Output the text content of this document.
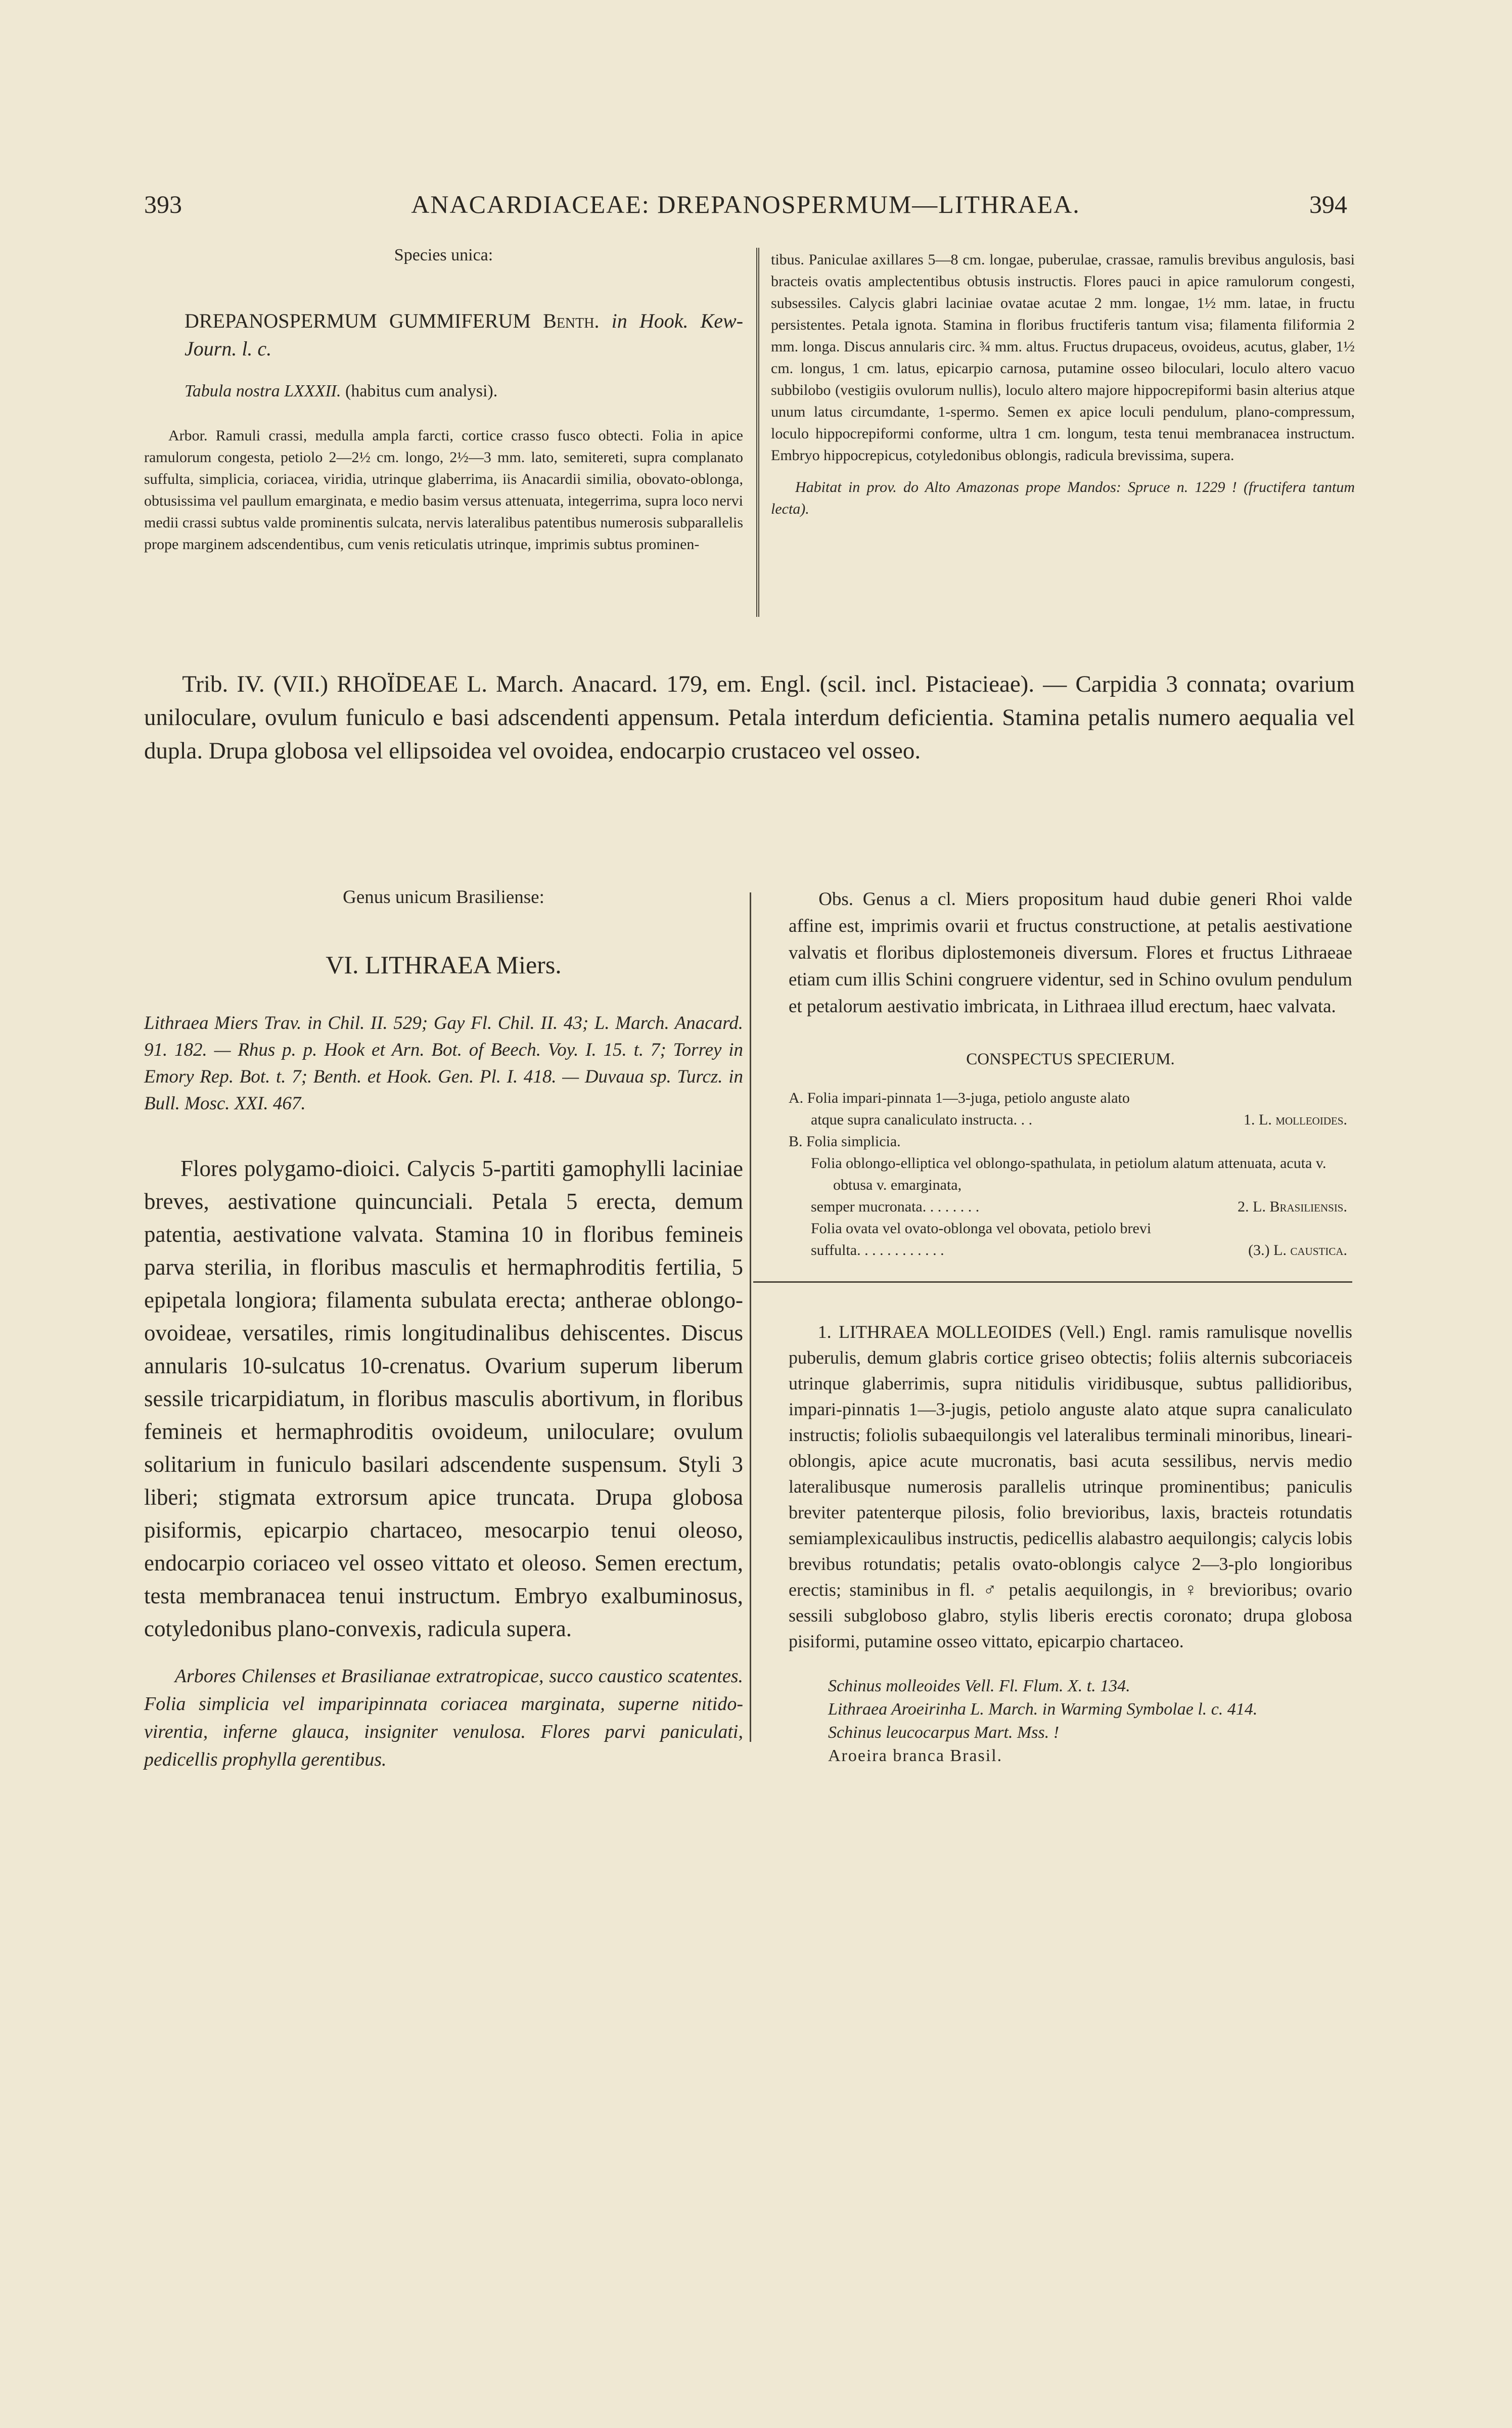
393	ANACARDIACEAE: DREPANOSPERMUM—LITHRAEA.	394
Species unica:

DREPANOSPERMUM GUMMIFERUM Benth. in Hook. Kew-Journ. l. c.

Tabula nostra LXXXII. (habitus cum analysi).

Arbor. Ramuli crassi, medulla ampla farcti, cortice crasso fusco obtecti. Folia in apice ramulorum congesta, petiolo 2—2½ cm. longo, 2½—3 mm. lato, semitereti, supra complanato suffulta, simplicia, coriacea, viridia, utrinque glaberrima, iis Anacardii similia, obovato-oblonga, obtusissima vel paullum emarginata, e medio basim versus attenuata, integerrima, supra loco nervi medii crassi subtus valde prominentis sulcata, nervis lateralibus patentibus numerosis subparallelis prope marginem adscendentibus, cum venis reticulatis utrinque, imprimis subtus prominen-

tibus. Paniculae axillares 5—8 cm. longae, puberulae, crassae, ramulis brevibus angulosis, basi bracteis ovatis amplectentibus obtusis instructis. Flores pauci in apice ramulorum congesti, subsessiles. Calycis glabri laciniae ovatae acutae 2 mm. longae, 1½ mm. latae, in fructu persistentes. Petala ignota. Stamina in floribus fructiferis tantum visa; filamenta filiformia 2 mm. longa. Discus annularis circ. ¾ mm. altus. Fructus drupaceus, ovoideus, acutus, glaber, 1½ cm. longus, 1 cm. latus, epicarpio carnosa, putamine osseo biloculari, loculo altero vacuo subbilobo (vestigiis ovulorum nullis), loculo altero majore hippocrepiformi basin alterius atque unum latus circumdante, 1-spermo. Semen ex apice loculi pendulum, plano-compressum, loculo hippocrepiformi conforme, ultra 1 cm. longum, testa tenui membranacea instructum. Embryo hippocrepicus, cotyledonibus oblongis, radicula brevissima, supera.

Habitat in prov. do Alto Amazonas prope Mandos: Spruce n. 1229 ! (fructifera tantum lecta).

Trib. IV. (VII.) RHOÏDEAE L. March. Anacard. 179, em. Engl. (scil. incl. Pistacieae). — Carpidia 3 connata; ovarium uniloculare, ovulum funiculo e basi adscendenti appensum. Petala interdum deficientia. Stamina petalis numero aequalia vel dupla. Drupa globosa vel ellipsoidea vel ovoidea, endocarpio crustaceo vel osseo.

Genus unicum Brasiliense:
VI. LITHRAEA Miers.

Lithraea Miers Trav. in Chil. II. 529; Gay Fl. Chil. II. 43; L. March. Anacard. 91. 182. — Rhus p. p. Hook et Arn. Bot. of Beech. Voy. I. 15. t. 7; Torrey in Emory Rep. Bot. t. 7; Benth. et Hook. Gen. Pl. I. 418. — Duvaua sp. Turcz. in Bull. Mosc. XXI. 467.

Flores polygamo-dioici. Calycis 5-partiti gamophylli laciniae breves, aestivatione quincunciali. Petala 5 erecta, demum patentia, aestivatione valvata. Stamina 10 in floribus femineis parva sterilia, in floribus masculis et hermaphroditis fertilia, 5 epipetala longiora; filamenta subulata erecta; antherae oblongo-ovoideae, versatiles, rimis longitudinalibus dehiscentes. Discus annularis 10-sulcatus 10-crenatus. Ovarium superum liberum sessile tricarpidiatum, in floribus masculis abortivum, in floribus femineis et hermaphroditis ovoideum, uniloculare; ovulum solitarium in funiculo basilari adscendente suspensum. Styli 3 liberi; stigmata extrorsum apice truncata. Drupa globosa pisiformis, epicarpio chartaceo, mesocarpio tenui oleoso, endocarpio coriaceo vel osseo vittato et oleoso. Semen erectum, testa membranacea tenui instructum. Embryo exalbuminosus, cotyledonibus plano-convexis, radicula supera.

Arbores Chilenses et Brasilianae extratropicae, succo caustico scatentes. Folia simplicia vel imparipinnata coriacea marginata, superne nitido-virentia, inferne glauca, insigniter venulosa. Flores parvi paniculati, pedicellis prophylla gerentibus.

Obs. Genus a cl. Miers propositum haud dubie generi Rhoi valde affine est, imprimis ovarii et fructus constructione, at petalis aestivatione valvatis et floribus diplostemoneis diversum. Flores et fructus Lithraeae etiam cum illis Schini congruere videntur, sed in Schino ovulum pendulum et petalorum aestivatio imbricata, in Lithraea illud erectum, haec valvata.

CONSPECTUS SPECIERUM.
A. Folia impari-pinnata 1—3-juga, petiolo anguste alato
atque supra canaliculato instructa . . .	1. L. molleoides.
B. Folia simplicia.
Folia oblongo-elliptica vel oblongo-spathulata, in petiolum alatum attenuata, acuta v. obtusa v. emarginata,
semper mucronata . . . . . . . .	2. L. Brasiliensis.
Folia ovata vel ovato-oblonga vel obovata, petiolo brevi
suffulta . . . . . . . . . . . .	(3.) L. caustica.

1. LITHRAEA MOLLEOIDES (Vell.) Engl. ramis ramulisque novellis puberulis, demum glabris cortice griseo obtectis; foliis alternis subcoriaceis utrinque glaberrimis, supra nitidulis viridibusque, subtus pallidioribus, impari-pinnatis 1—3-jugis, petiolo anguste alato atque supra canaliculato instructis; foliolis subaequilongis vel lateralibus terminali minoribus, lineari-oblongis, apice acute mucronatis, basi acuta sessilibus, nervis medio lateralibusque numerosis parallelis utrinque prominentibus; paniculis breviter patenterque pilosis, folio brevioribus, laxis, bracteis rotundatis semiamplexicaulibus instructis, pedicellis alabastro aequilongis; calycis lobis brevibus rotundatis; petalis ovato-oblongis calyce 2—3-plo longioribus erectis; staminibus in fl. ♂ petalis aequilongis, in ♀ brevioribus; ovario sessili subgloboso glabro, stylis liberis erectis coronato; drupa globosa pisiformi, putamine osseo vittato, epicarpio chartaceo.

Schinus molleoides Vell. Fl. Flum. X. t. 134.
Lithraea Aroeirinha L. March. in Warming Symbolae l. c. 414.
Schinus leucocarpus Mart. Mss. !
Aroeira branca Brasil.
